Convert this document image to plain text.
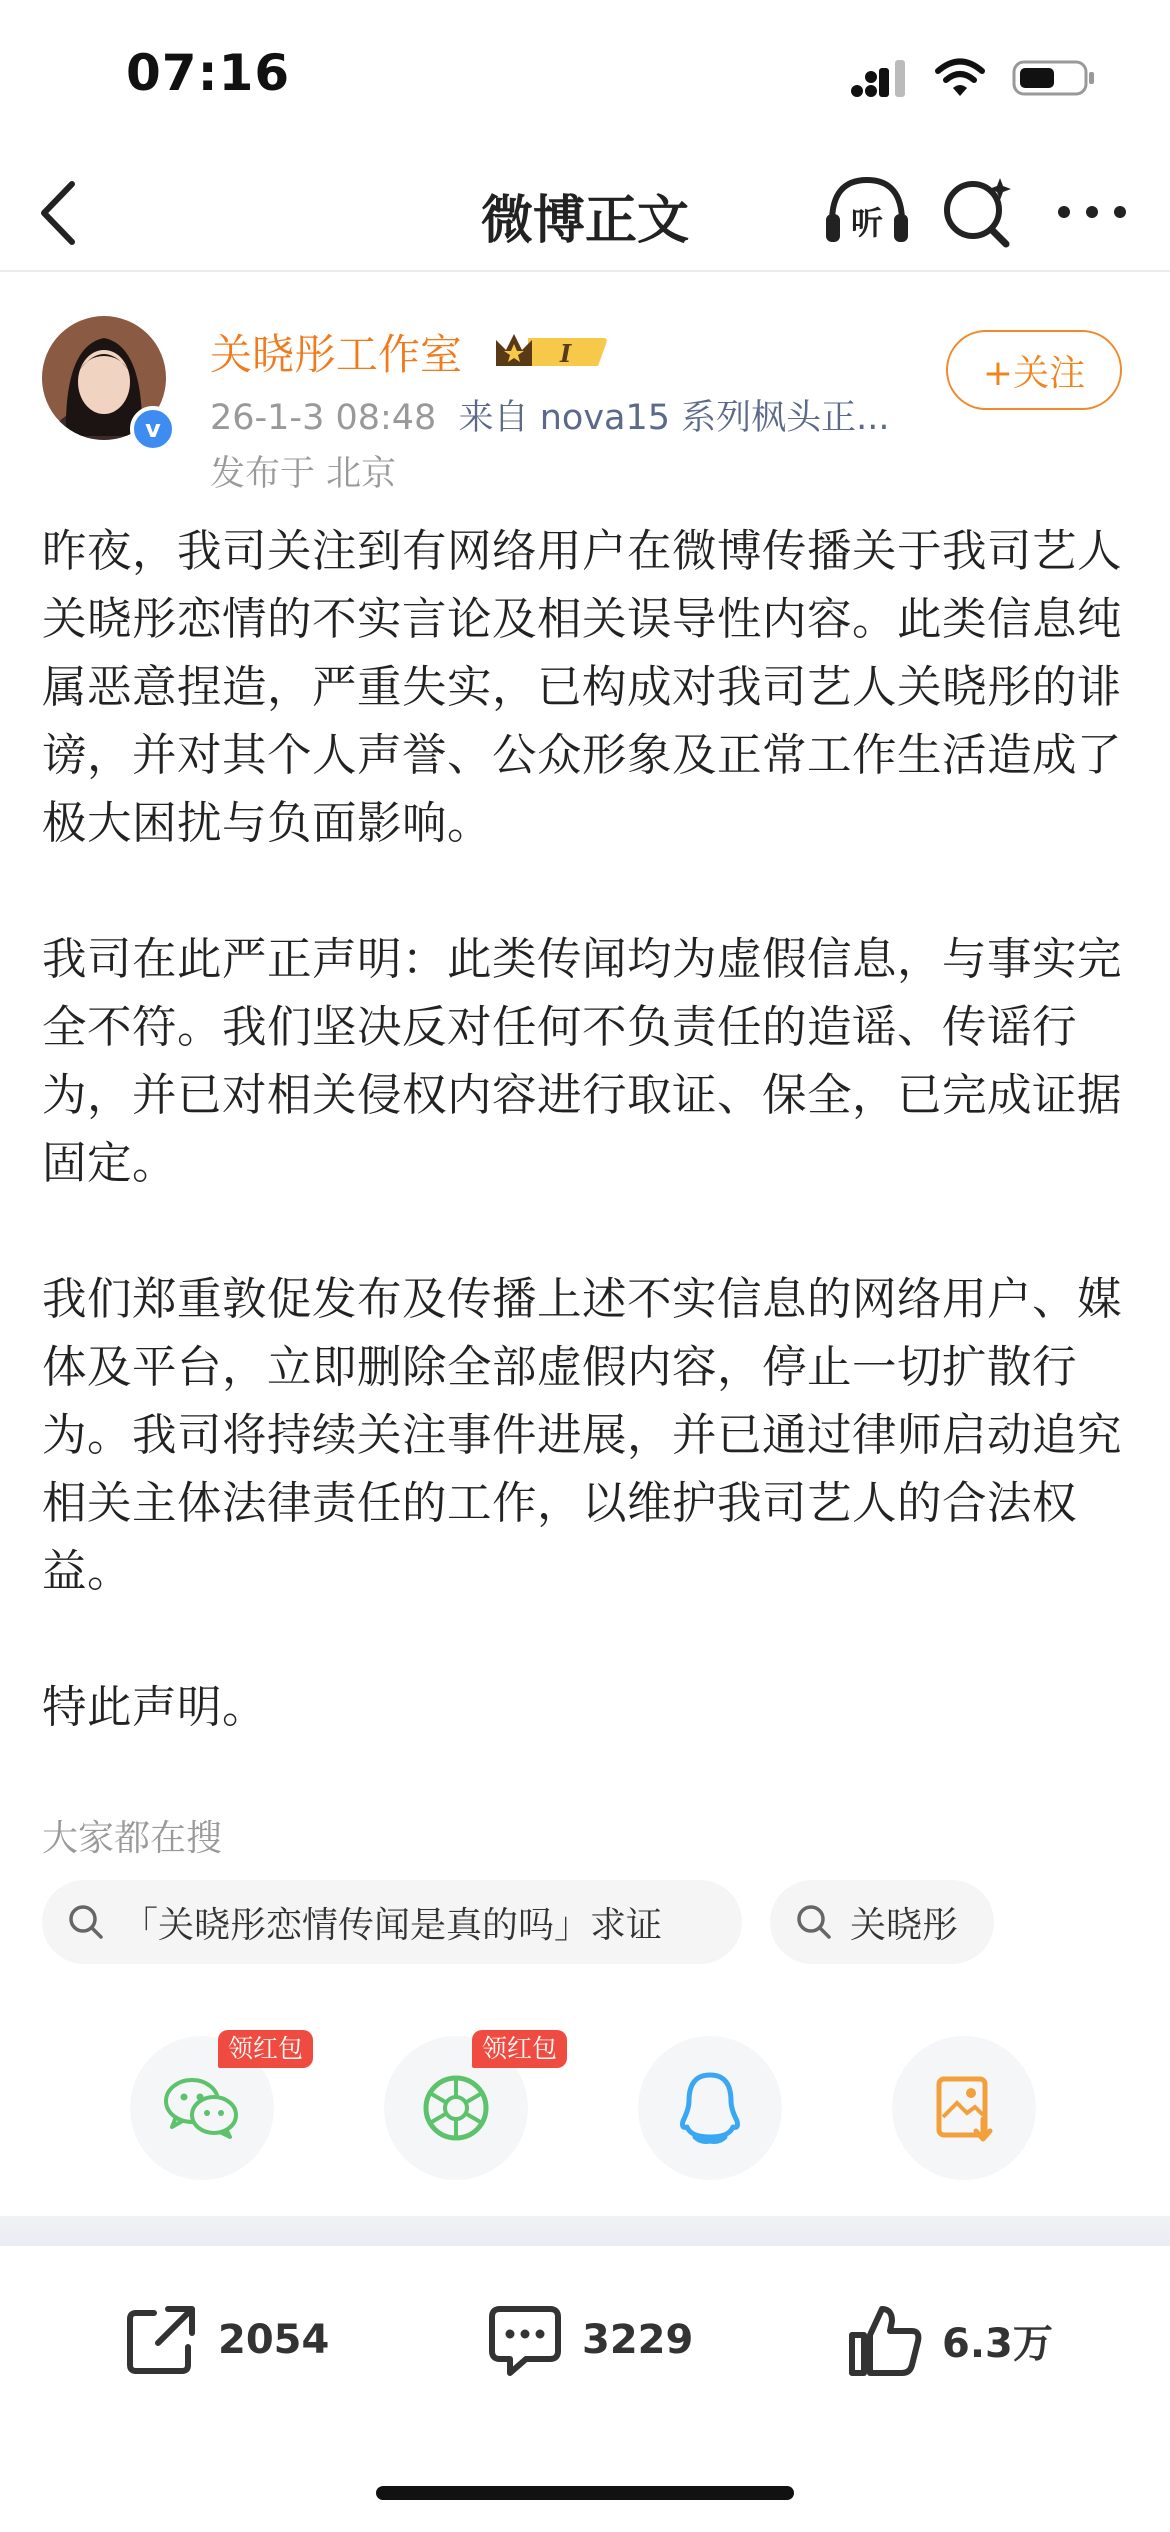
07:16
微博正文	听
v
关晓彤工作室	I
26-1-3 08:48 来自 nova15 系列枫头正...
发布于 北京
+关注

昨夜，我司关注到有网络用户在微博传播关于我司艺人关晓彤恋情的不实言论及相关误导性内容。此类信息纯属恶意捏造，严重失实，已构成对我司艺人关晓彤的诽谤，并对其个人声誉、公众形象及正常工作生活造成了极大困扰与负面影响。

我司在此严正声明：此类传闻均为虚假信息，与事实完全不符。我们坚决反对任何不负责任的造谣、传谣行为，并已对相关侵权内容进行取证、保全，已完成证据固定。

我们郑重敦促发布及传播上述不实信息的网络用户、媒体及平台，立即删除全部虚假内容，停止一切扩散行为。我司将持续关注事件进展，并已通过律师启动追究相关主体法律责任的工作，以维护我司艺人的合法权益。

特此声明。

大家都在搜
「关晓彤恋情传闻是真的吗」求证	关晓彤
领红包	领红包
2054	3229	6.3万
